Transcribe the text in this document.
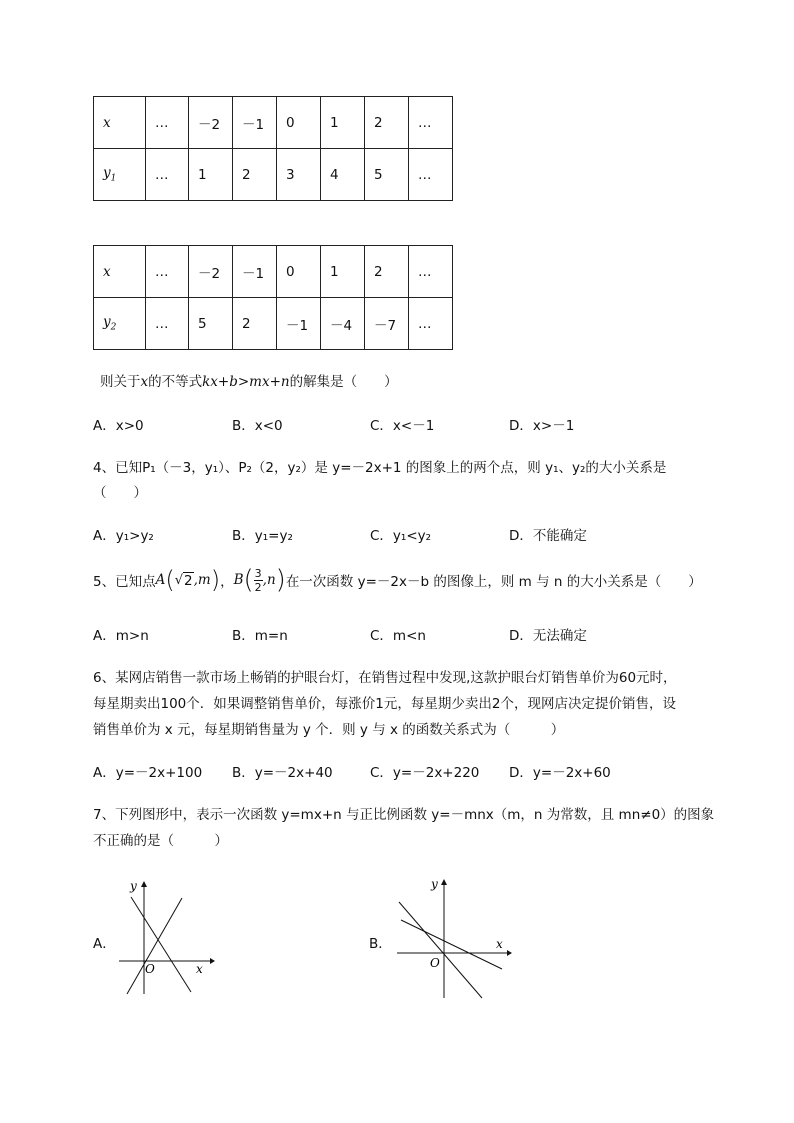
x	…	－2	－1	0	1	2	…
$y_1$	…	1	2	3	4	5	…
x	…	－2	－1	0	1	2	…
$y_2$	…	5	2	－1	－4	－7	…
则关于x的不等式kx+b>mx+n的解集是（　　）
A．x>0	B．x<0	C．x<－1	D．x>－1
4、已知P₁（－3，y₁）、P₂（2，y₂）是 y=－2x+1 的图象上的两个点，则 y₁、y₂的大小关系是
（　　）
A．y₁>y₂	B．y₁=y₂	C．y₁<y₂	D．不能确定
5、已知点 A ( √ 2 ,m ) ， B ( $\frac{3}{2} ,n$ ) 在一次函数 y=－2x－b 的图像上，则 m 与 n 的大小关系是（　　）
A．m>n	B．m=n	C．m<n	D．无法确定
6、某网店销售一款市场上畅销的护眼台灯，在销售过程中发现,这款护眼台灯销售单价为60元时，
每星期卖出100个．如果调整销售单价，每涨价1元，每星期少卖出2个，现网店决定提价销售，设
销售单价为 x 元，每星期销售量为 y 个．则 y 与 x 的函数关系式为（　　　）
A．y=－2x+100 B．y=－2x+40	C．y=－2x+220 D．y=－2x+60
7、下列图形中，表示一次函数 y=mx+n 与正比例函数 y=－mnx（m，n 为常数，且 mn≠0）的图象
不正确的是（　　　）
A．
y
x
O
B．
y
x
O
